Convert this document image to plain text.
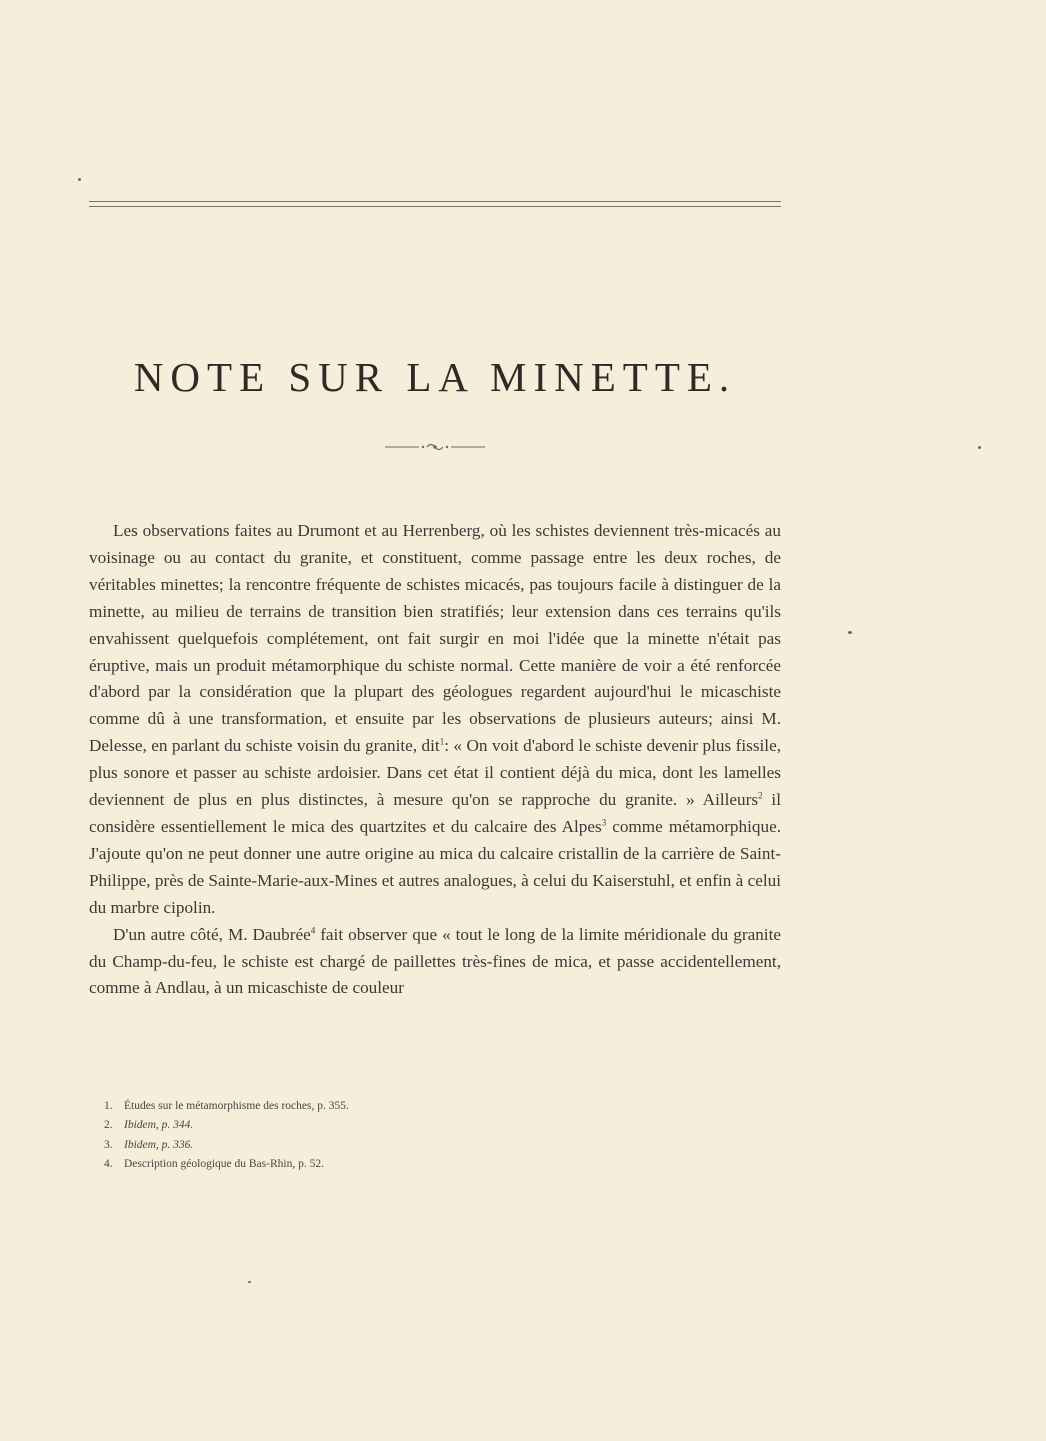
NOTE SUR LA MINETTE.

Les observations faites au Drumont et au Herrenberg, où les schistes deviennent très-micacés au voisinage ou au contact du granite, et constituent, comme passage entre les deux roches, de véritables minettes; la rencontre fréquente de schistes micacés, pas toujours facile à distinguer de la minette, au milieu de terrains de transition bien stratifiés; leur extension dans ces terrains qu'ils envahissent quelquefois complétement, ont fait surgir en moi l'idée que la minette n'était pas éruptive, mais un produit métamorphique du schiste normal. Cette manière de voir a été renforcée d'abord par la considération que la plupart des géologues regardent aujourd'hui le micaschiste comme dû à une transformation, et ensuite par les observations de plusieurs auteurs; ainsi M. Delesse, en parlant du schiste voisin du granite, dit$^1$: « On voit d'abord le schiste devenir plus fissile, plus sonore et passer au schiste ardoisier. Dans cet état il contient déjà du mica, dont les lamelles deviennent de plus en plus distinctes, à mesure qu'on se rapproche du granite. » Ailleurs$^2$ il considère essentiellement le mica des quartzites et du calcaire des Alpes$^3$ comme métamorphique. J'ajoute qu'on ne peut donner une autre origine au mica du calcaire cristallin de la carrière de Saint-Philippe, près de Sainte-Marie-aux-Mines et autres analogues, à celui du Kaiserstuhl, et enfin à celui du marbre cipolin.

D'un autre côté, M. Daubrée$^4$ fait observer que « tout le long de la limite méridionale du granite du Champ-du-feu, le schiste est chargé de paillettes très-fines de mica, et passe accidentellement, comme à Andlau, à un micaschiste de couleur

1. Études sur le métamorphisme des roches, p. 355.
2. Ibidem, p. 344.
3. Ibidem, p. 336.
4. Description géologique du Bas-Rhin, p. 52.
